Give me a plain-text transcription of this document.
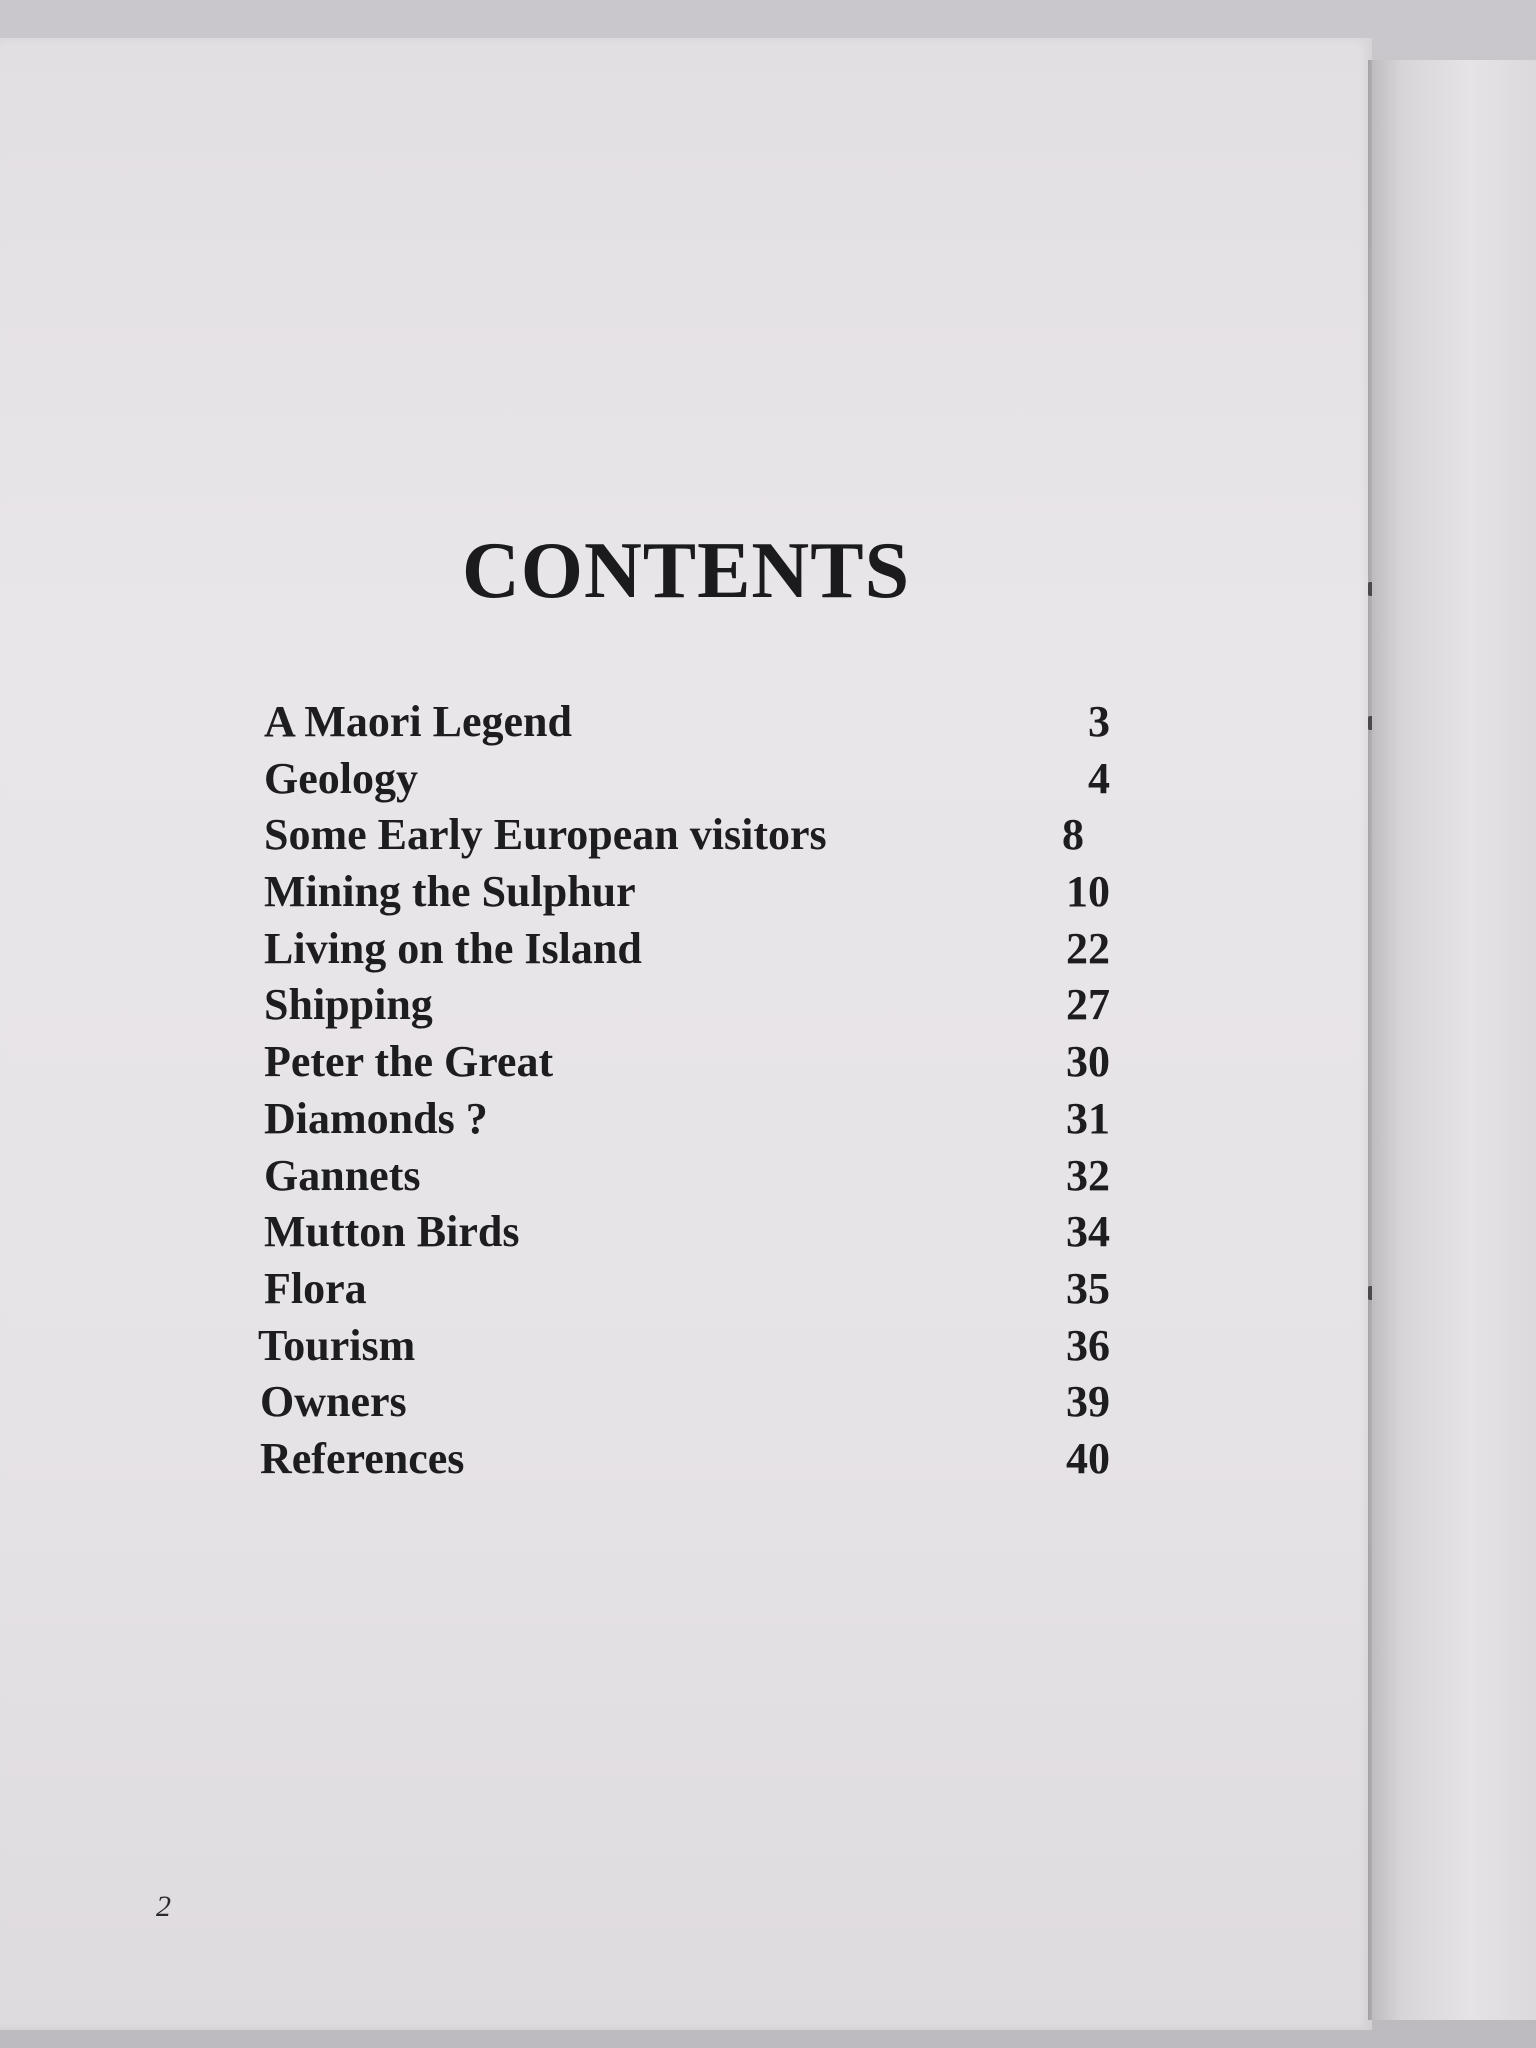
CONTENTS
A Maori Legend	3
Geology	4
Some Early European visitors	8
Mining the Sulphur	10
Living on the Island	22
Shipping	27
Peter the Great	30
Diamonds ?	31
Gannets	32
Mutton Birds	34
Flora	35
Tourism	36
Owners	39
References	40
2
